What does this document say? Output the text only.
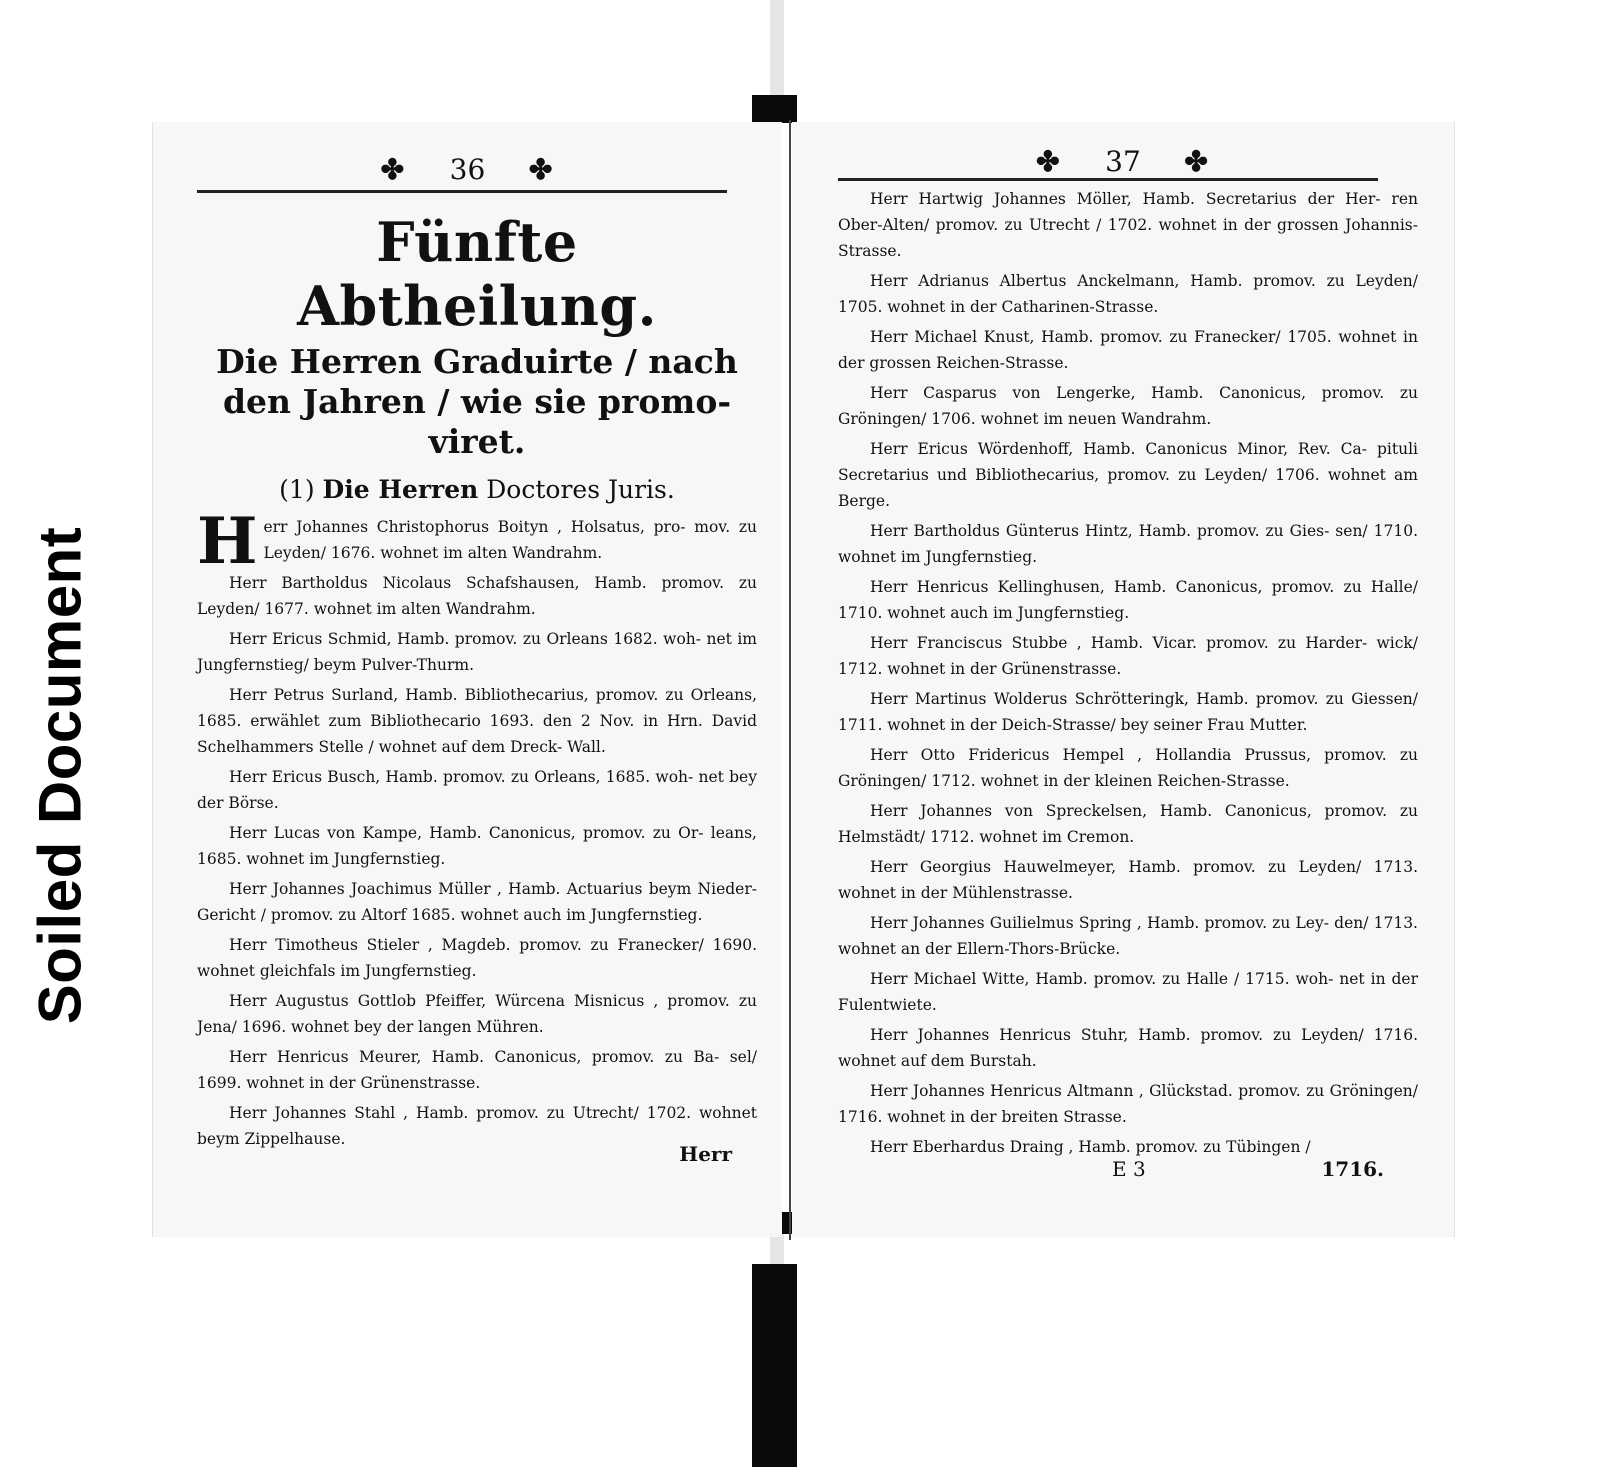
Soiled Document
✤ 36 ✤
Fünfte Abtheilung.
Die Herren Graduirte / nach den Jahren / wie sie promo- viret.
(1) Die Herren Doctores Juris.

Herr Johannes Christophorus Boityn , Holsatus, pro- mov. zu Leyden/ 1676. wohnet im alten Wandrahm.

Herr Bartholdus Nicolaus Schafshausen, Hamb. promov. zu Leyden/ 1677. wohnet im alten Wandrahm.

Herr Ericus Schmid, Hamb. promov. zu Orleans 1682. woh- net im Jungfernstieg/ beym Pulver-Thurm.

Herr Petrus Surland, Hamb. Bibliothecarius, promov. zu Orleans, 1685. erwählet zum Bibliothecario 1693. den 2 Nov. in Hrn. David Schelhammers Stelle / wohnet auf dem Dreck- Wall.

Herr Ericus Busch, Hamb. promov. zu Orleans, 1685. woh- net bey der Börse.

Herr Lucas von Kampe, Hamb. Canonicus, promov. zu Or- leans, 1685. wohnet im Jungfernstieg.

Herr Johannes Joachimus Müller , Hamb. Actuarius beym Nieder-Gericht / promov. zu Altorf 1685. wohnet auch im Jungfernstieg.

Herr Timotheus Stieler , Magdeb. promov. zu Franecker/ 1690. wohnet gleichfals im Jungfernstieg.

Herr Augustus Gottlob Pfeiffer, Würcena Misnicus , promov. zu Jena/ 1696. wohnet bey der langen Mühren.

Herr Henricus Meurer, Hamb. Canonicus, promov. zu Ba- sel/ 1699. wohnet in der Grünenstrasse.

Herr Johannes Stahl , Hamb. promov. zu Utrecht/ 1702. wohnet beym Zippelhause.

Herr
✤ 37 ✤

Herr Hartwig Johannes Möller, Hamb. Secretarius der Her- ren Ober-Alten/ promov. zu Utrecht / 1702. wohnet in der grossen Johannis-Strasse.

Herr Adrianus Albertus Anckelmann, Hamb. promov. zu Leyden/ 1705. wohnet in der Catharinen-Strasse.

Herr Michael Knust, Hamb. promov. zu Franecker/ 1705. wohnet in der grossen Reichen-Strasse.

Herr Casparus von Lengerke, Hamb. Canonicus, promov. zu Gröningen/ 1706. wohnet im neuen Wandrahm.

Herr Ericus Wördenhoff, Hamb. Canonicus Minor, Rev. Ca- pituli Secretarius und Bibliothecarius, promov. zu Leyden/ 1706. wohnet am Berge.

Herr Bartholdus Günterus Hintz, Hamb. promov. zu Gies- sen/ 1710. wohnet im Jungfernstieg.

Herr Henricus Kellinghusen, Hamb. Canonicus, promov. zu Halle/ 1710. wohnet auch im Jungfernstieg.

Herr Franciscus Stubbe , Hamb. Vicar. promov. zu Harder- wick/ 1712. wohnet in der Grünenstrasse.

Herr Martinus Wolderus Schrötteringk, Hamb. promov. zu Giessen/ 1711. wohnet in der Deich-Strasse/ bey seiner Frau Mutter.

Herr Otto Fridericus Hempel , Hollandia Prussus, promov. zu Gröningen/ 1712. wohnet in der kleinen Reichen-Strasse.

Herr Johannes von Spreckelsen, Hamb. Canonicus, promov. zu Helmstädt/ 1712. wohnet im Cremon.

Herr Georgius Hauwelmeyer, Hamb. promov. zu Leyden/ 1713. wohnet in der Mühlenstrasse.

Herr Johannes Guilielmus Spring , Hamb. promov. zu Ley- den/ 1713. wohnet an der Ellern-Thors-Brücke.

Herr Michael Witte, Hamb. promov. zu Halle / 1715. woh- net in der Fulentwiete.

Herr Johannes Henricus Stuhr, Hamb. promov. zu Leyden/ 1716. wohnet auf dem Burstah.

Herr Johannes Henricus Altmann , Glückstad. promov. zu Gröningen/ 1716. wohnet in der breiten Strasse.

Herr Eberhardus Draing , Hamb. promov. zu Tübingen /

E 3	1716.
